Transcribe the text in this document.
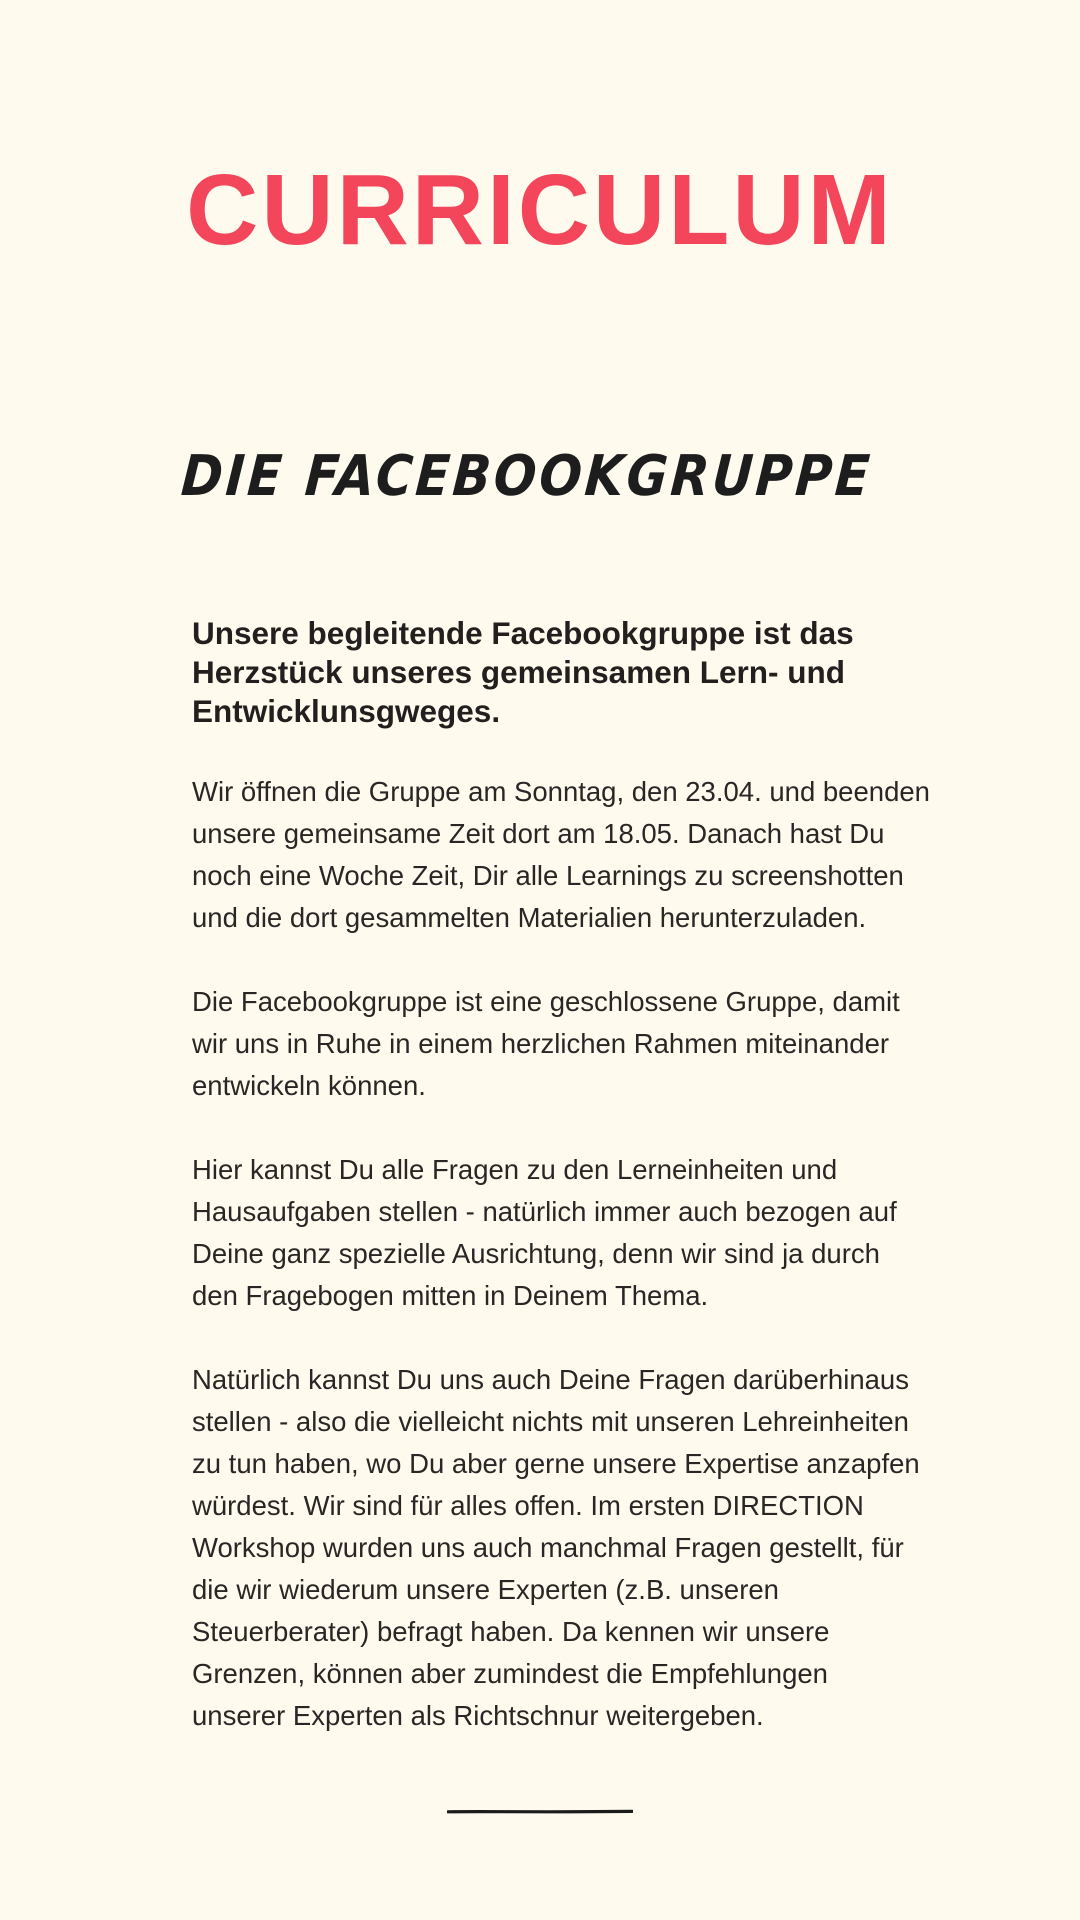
CURRICULUM
DIE FACEBOOKGRUPPE

Unsere begleitende Facebookgruppe ist das
Herzstück unseres gemeinsamen Lern- und
Entwicklunsgweges.

Wir öffnen die Gruppe am Sonntag, den 23.04. und beenden
unsere gemeinsame Zeit dort am 18.05. Danach hast Du
noch eine Woche Zeit, Dir alle Learnings zu screenshotten
und die dort gesammelten Materialien herunterzuladen.

Die Facebookgruppe ist eine geschlossene Gruppe, damit
wir uns in Ruhe in einem herzlichen Rahmen miteinander
entwickeln können.

Hier kannst Du alle Fragen zu den Lerneinheiten und
Hausaufgaben stellen - natürlich immer auch bezogen auf
Deine ganz spezielle Ausrichtung, denn wir sind ja durch
den Fragebogen mitten in Deinem Thema.

Natürlich kannst Du uns auch Deine Fragen darüberhinaus
stellen - also die vielleicht nichts mit unseren Lehreinheiten
zu tun haben, wo Du aber gerne unsere Expertise anzapfen
würdest. Wir sind für alles offen. Im ersten DIRECTION
Workshop wurden uns auch manchmal Fragen gestellt, für
die wir wiederum unsere Experten (z.B. unseren
Steuerberater) befragt haben. Da kennen wir unsere
Grenzen, können aber zumindest die Empfehlungen
unserer Experten als Richtschnur weitergeben.
